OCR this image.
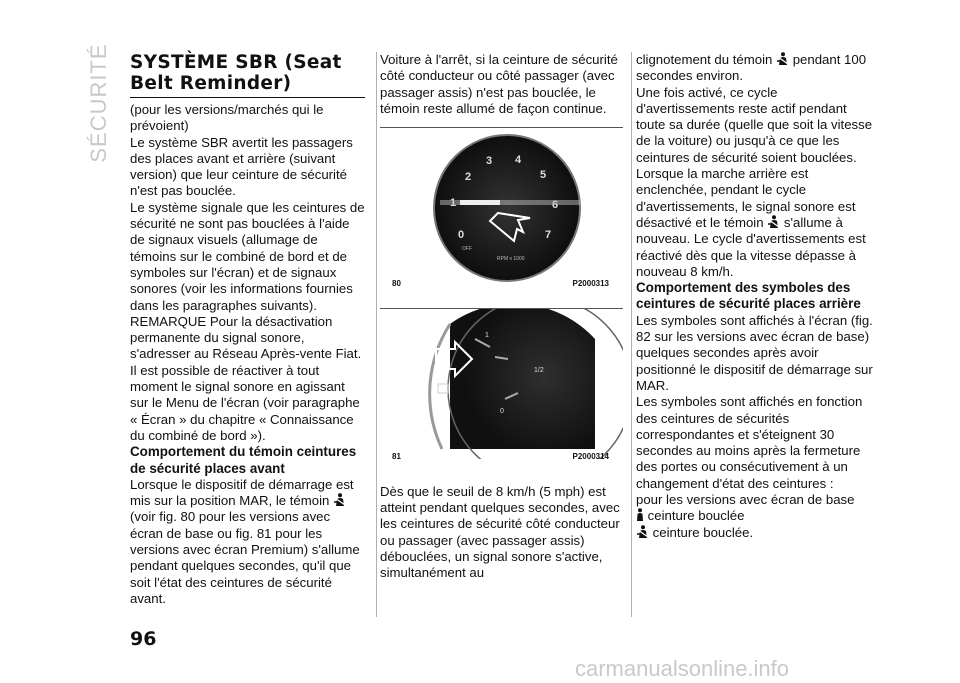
SÉCURITÉ SYSTÈME SBR (Seat Belt Reminder)

(pour les versions/marchés qui le prévoient)

Le système SBR avertit les passagers des places avant et arrière (suivant version) que leur ceinture de sécurité n'est pas bouclée.

Le système signale que les ceintures de sécurité ne sont pas bouclées à l'aide de signaux visuels (allumage de témoins sur le combiné de bord et de symboles sur l'écran) et de signaux sonores (voir les informations fournies dans les paragraphes suivants).

REMARQUE Pour la désactivation permanente du signal sonore, s'adresser au Réseau Après-vente Fiat. Il est possible de réactiver à tout moment le signal sonore en agissant sur le Menu de l'écran (voir paragraphe « Écran » du chapitre « Connaissance du combiné de bord »).

Comportement du témoin ceintures de sécurité places avant

Lorsque le dispositif de démarrage est mis sur la position MAR, le témoin  (voir fig. 80 pour les versions avec écran de base ou fig. 81 pour les versions avec écran Premium) s'allume pendant quelques secondes, qu'il que soit l'état des ceintures de sécurité avant.

Voiture à l'arrêt, si la ceinture de sécurité côté conducteur ou côté passager (avec passager assis) n'est pas bouclée, le témoin reste allumé de façon continue.

2
3 4
5
0	7
OFF
RPM x 1000
80	P2000313
1
1/2
0
81	P2000314

Dès que le seuil de 8 km/h (5 mph) est atteint pendant quelques secondes, avec les ceintures de sécurité côté conducteur ou passager (avec passager assis) débouclées, un signal sonore s'active, simultanément au

clignotement du témoin pendant 100 secondes environ.

Une fois activé, ce cycle d'avertissements reste actif pendant toute sa durée (quelle que soit la vitesse de la voiture) ou jusqu'à ce que les ceintures de sécurité soient bouclées.

Lorsque la marche arrière est enclenchée, pendant le cycle d'avertissements, le signal sonore est désactivé et le témoin s'allume à nouveau. Le cycle d'avertissements est réactivé dès que la vitesse dépasse à nouveau 8 km/h.

Comportement des symboles des ceintures de sécurité places arrière

Les symboles sont affichés à l'écran (fig. 82 sur les versions avec écran de base) quelques secondes après avoir positionné le dispositif de démarrage sur MAR.

Les symboles sont affichés en fonction des ceintures de sécurités correspondantes et s'éteignent 30 secondes au moins après la fermeture des portes ou consécutivement à un changement d'état des ceintures :

pour les versions avec écran de base

ceinture bouclée

ceinture bouclée.

96
carmanualsonline.info
